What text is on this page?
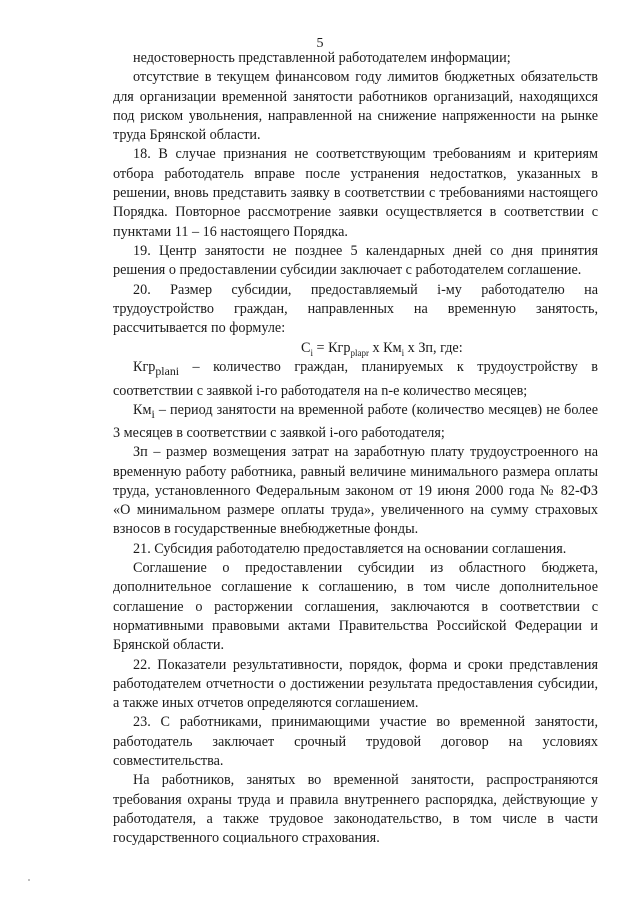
5

недостоверность представленной работодателем информации;

отсутствие в текущем финансовом году лимитов бюджетных обязательств для организации временной занятости работников организаций, находящихся под риском увольнения, направленной на снижение напряженности на рынке труда Брянской области.

18. В случае признания не соответствующим требованиям и критериям отбора работодатель вправе после устранения недостатков, указанных в решении, вновь представить заявку в соответствии с требованиями настоящего Порядка. Повторное рассмотрение заявки осуществляется в соответствии с пунктами 11 – 16 настоящего Порядка.

19. Центр занятости не позднее 5 календарных дней со дня принятия решения о предоставлении субсидии заключает с работодателем соглашение.

20. Размер субсидии, предоставляемый i-му работодателю на трудоустройство граждан, направленных на временную занятость, рассчитывается по формуле:

$C_i = Кгр_{plapr}$ х $Км_i$ х Зп, где:

Кгр$_{plani}$ – количество граждан, планируемых к трудоустройству в соответствии с заявкой i-го работодателя на n-е количество месяцев;

$Км_i$ – период занятости на временной работе (количество месяцев) не более 3 месяцев в соответствии с заявкой i-ого работодателя;

Зп – размер возмещения затрат на заработную плату трудоустроенного на временную работу работника, равный величине минимального размера оплаты труда, установленного Федеральным законом от 19 июня 2000 года № 82-ФЗ «О минимальном размере оплаты труда», увеличенного на сумму страховых взносов в государственные внебюджетные фонды.

21. Субсидия работодателю предоставляется на основании соглашения.

Соглашение о предоставлении субсидии из областного бюджета, дополнительное соглашение к соглашению, в том числе дополнительное соглашение о расторжении соглашения, заключаются в соответствии с нормативными правовыми актами Правительства Российской Федерации и Брянской области.

22. Показатели результативности, порядок, форма и сроки представления работодателем отчетности о достижении результата предоставления субсидии, а также иных отчетов определяются соглашением.

23. С работниками, принимающими участие во временной занятости, работодатель заключает срочный трудовой договор на условиях совместительства.

На работников, занятых во временной занятости, распространяются требования охраны труда и правила внутреннего распорядка, действующие у работодателя, а также трудовое законодательство, в том числе в части государственного социального страхования.
